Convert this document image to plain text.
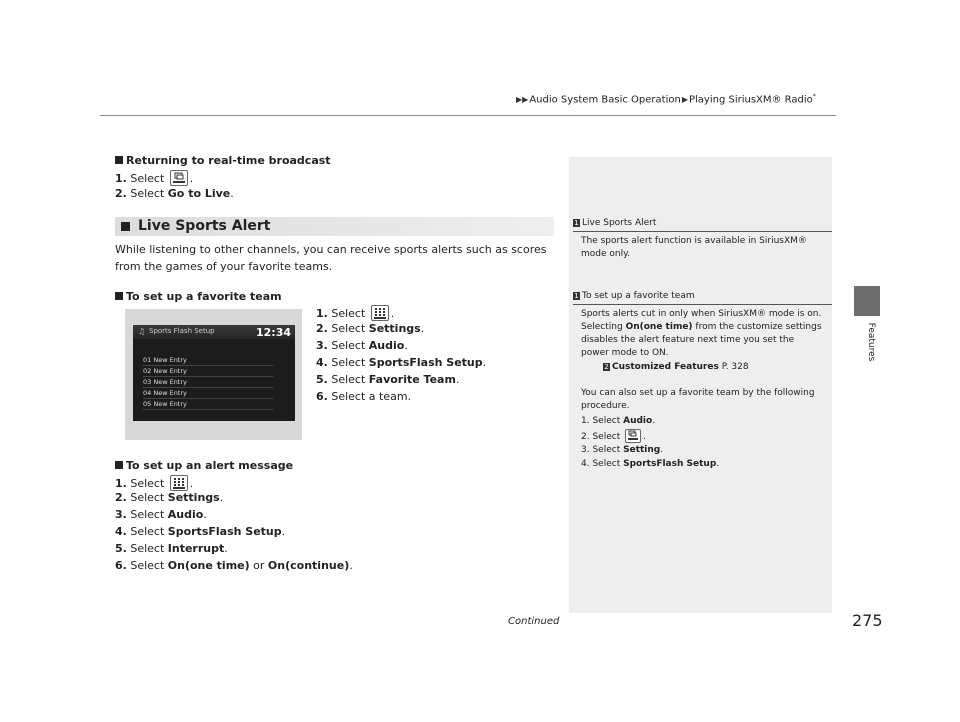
▶▶Audio System Basic Operation▶Playing SiriusXM® Radio*
Features
Returning to real-time broadcast
1. Select .
2. Select Go to Live.
Live Sports Alert
While listening to other channels, you can receive sports alerts such as scores from the games of your favorite teams.
To set up a favorite team
1. Select .
2. Select Settings.
3. Select Audio.
4. Select SportsFlash Setup.
5. Select Favorite Team.
6. Select a team.
♫ Sports Flash Setup	12:34
01 New Entry
02 New Entry
03 New Entry
04 New Entry
05 New Entry
To set up an alert message
1. Select .
2. Select Settings.
3. Select Audio.
4. Select SportsFlash Setup.
5. Select Interrupt.
6. Select On(one time) or On(continue).
1 Live Sports Alert
The sports alert function is available in SiriusXM® mode only.
1 To set up a favorite team
Sports alerts cut in only when SiriusXM® mode is on. Selecting On(one time) from the customize settings disables the alert feature next time you set the power mode to ON.
2 Customized Features P. 328
You can also set up a favorite team by the following procedure.
1. Select Audio.
2. Select	.
3. Select Setting.
4. Select SportsFlash Setup.
Continued	275
